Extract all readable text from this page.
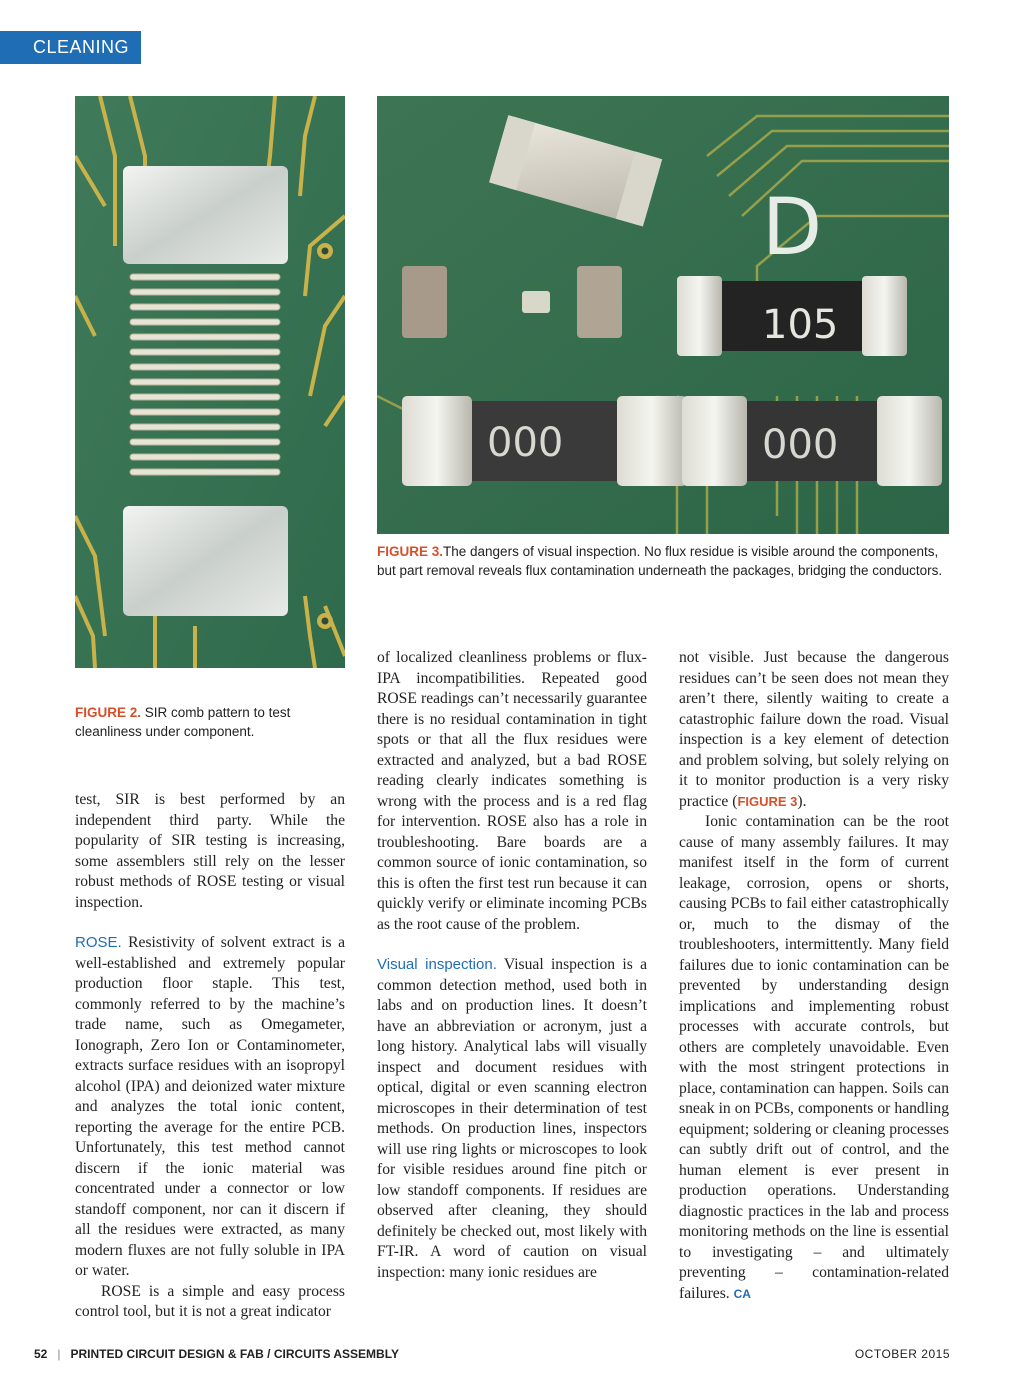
CLEANING
FIGURE 2. SIR comb pattern to test cleanliness under component.
D
105
000	000
FIGURE 3.The dangers of visual inspection. No flux residue is visible around the components, but part removal reveals flux contamination underneath the packages, bridging the conductors.

test, SIR is best performed by an independent third party. While the popularity of SIR testing is increasing, some assemblers still rely on the lesser robust methods of ROSE testing or visual inspection.

ROSE. Resistivity of solvent extract is a well-established and extremely popular production floor staple. This test, commonly referred to by the machine’s trade name, such as Omegameter, Ionograph, Zero Ion or Contaminometer, extracts surface residues with an isopropyl alcohol (IPA) and deionized water mixture and analyzes the total ionic content, reporting the average for the entire PCB. Unfortunately, this test method cannot discern if the ionic material was concentrated under a connector or low standoff component, nor can it discern if all the residues were extracted, as many modern fluxes are not fully soluble in IPA or water.

ROSE is a simple and easy process control tool, but it is not a great indicator

of localized cleanliness problems or flux-IPA incompatibilities. Repeated good ROSE readings can’t necessarily guarantee there is no residual contamination in tight spots or that all the flux residues were extracted and analyzed, but a bad ROSE reading clearly indicates something is wrong with the process and is a red flag for intervention. ROSE also has a role in troubleshooting. Bare boards are a common source of ionic contamination, so this is often the first test run because it can quickly verify or eliminate incoming PCBs as the root cause of the problem.

Visual inspection. Visual inspection is a common detection method, used both in labs and on production lines. It doesn’t have an abbreviation or acronym, just a long history. Analytical labs will visually inspect and document residues with optical, digital or even scanning electron microscopes in their determination of test methods. On production lines, inspectors will use ring lights or microscopes to look for visible residues around fine pitch or low standoff components. If residues are observed after cleaning, they should definitely be checked out, most likely with FT-IR. A word of caution on visual inspection: many ionic residues are

not visible. Just because the dangerous residues can’t be seen does not mean they aren’t there, silently waiting to create a catastrophic failure down the road. Visual inspection is a key element of detection and problem solving, but solely relying on it to monitor production is a very risky practice (FIGURE 3).

Ionic contamination can be the root cause of many assembly failures. It may manifest itself in the form of current leakage, corrosion, opens or shorts, causing PCBs to fail either catastrophically or, much to the dismay of the troubleshooters, intermittently. Many field failures due to ionic contamination can be prevented by understanding design implications and implementing robust processes with accurate controls, but others are completely unavoidable. Even with the most stringent protections in place, contamination can happen. Soils can sneak in on PCBs, components or handling equipment; soldering or cleaning processes can subtly drift out of control, and the human element is ever present in production operations. Understanding diagnostic practices in the lab and process monitoring methods on the line is essential to investigating – and ultimately preventing – contamination-related failures. CA

52 | PRINTED CIRCUIT DESIGN & FAB / CIRCUITS ASSEMBLY	OCTOBER 2015
